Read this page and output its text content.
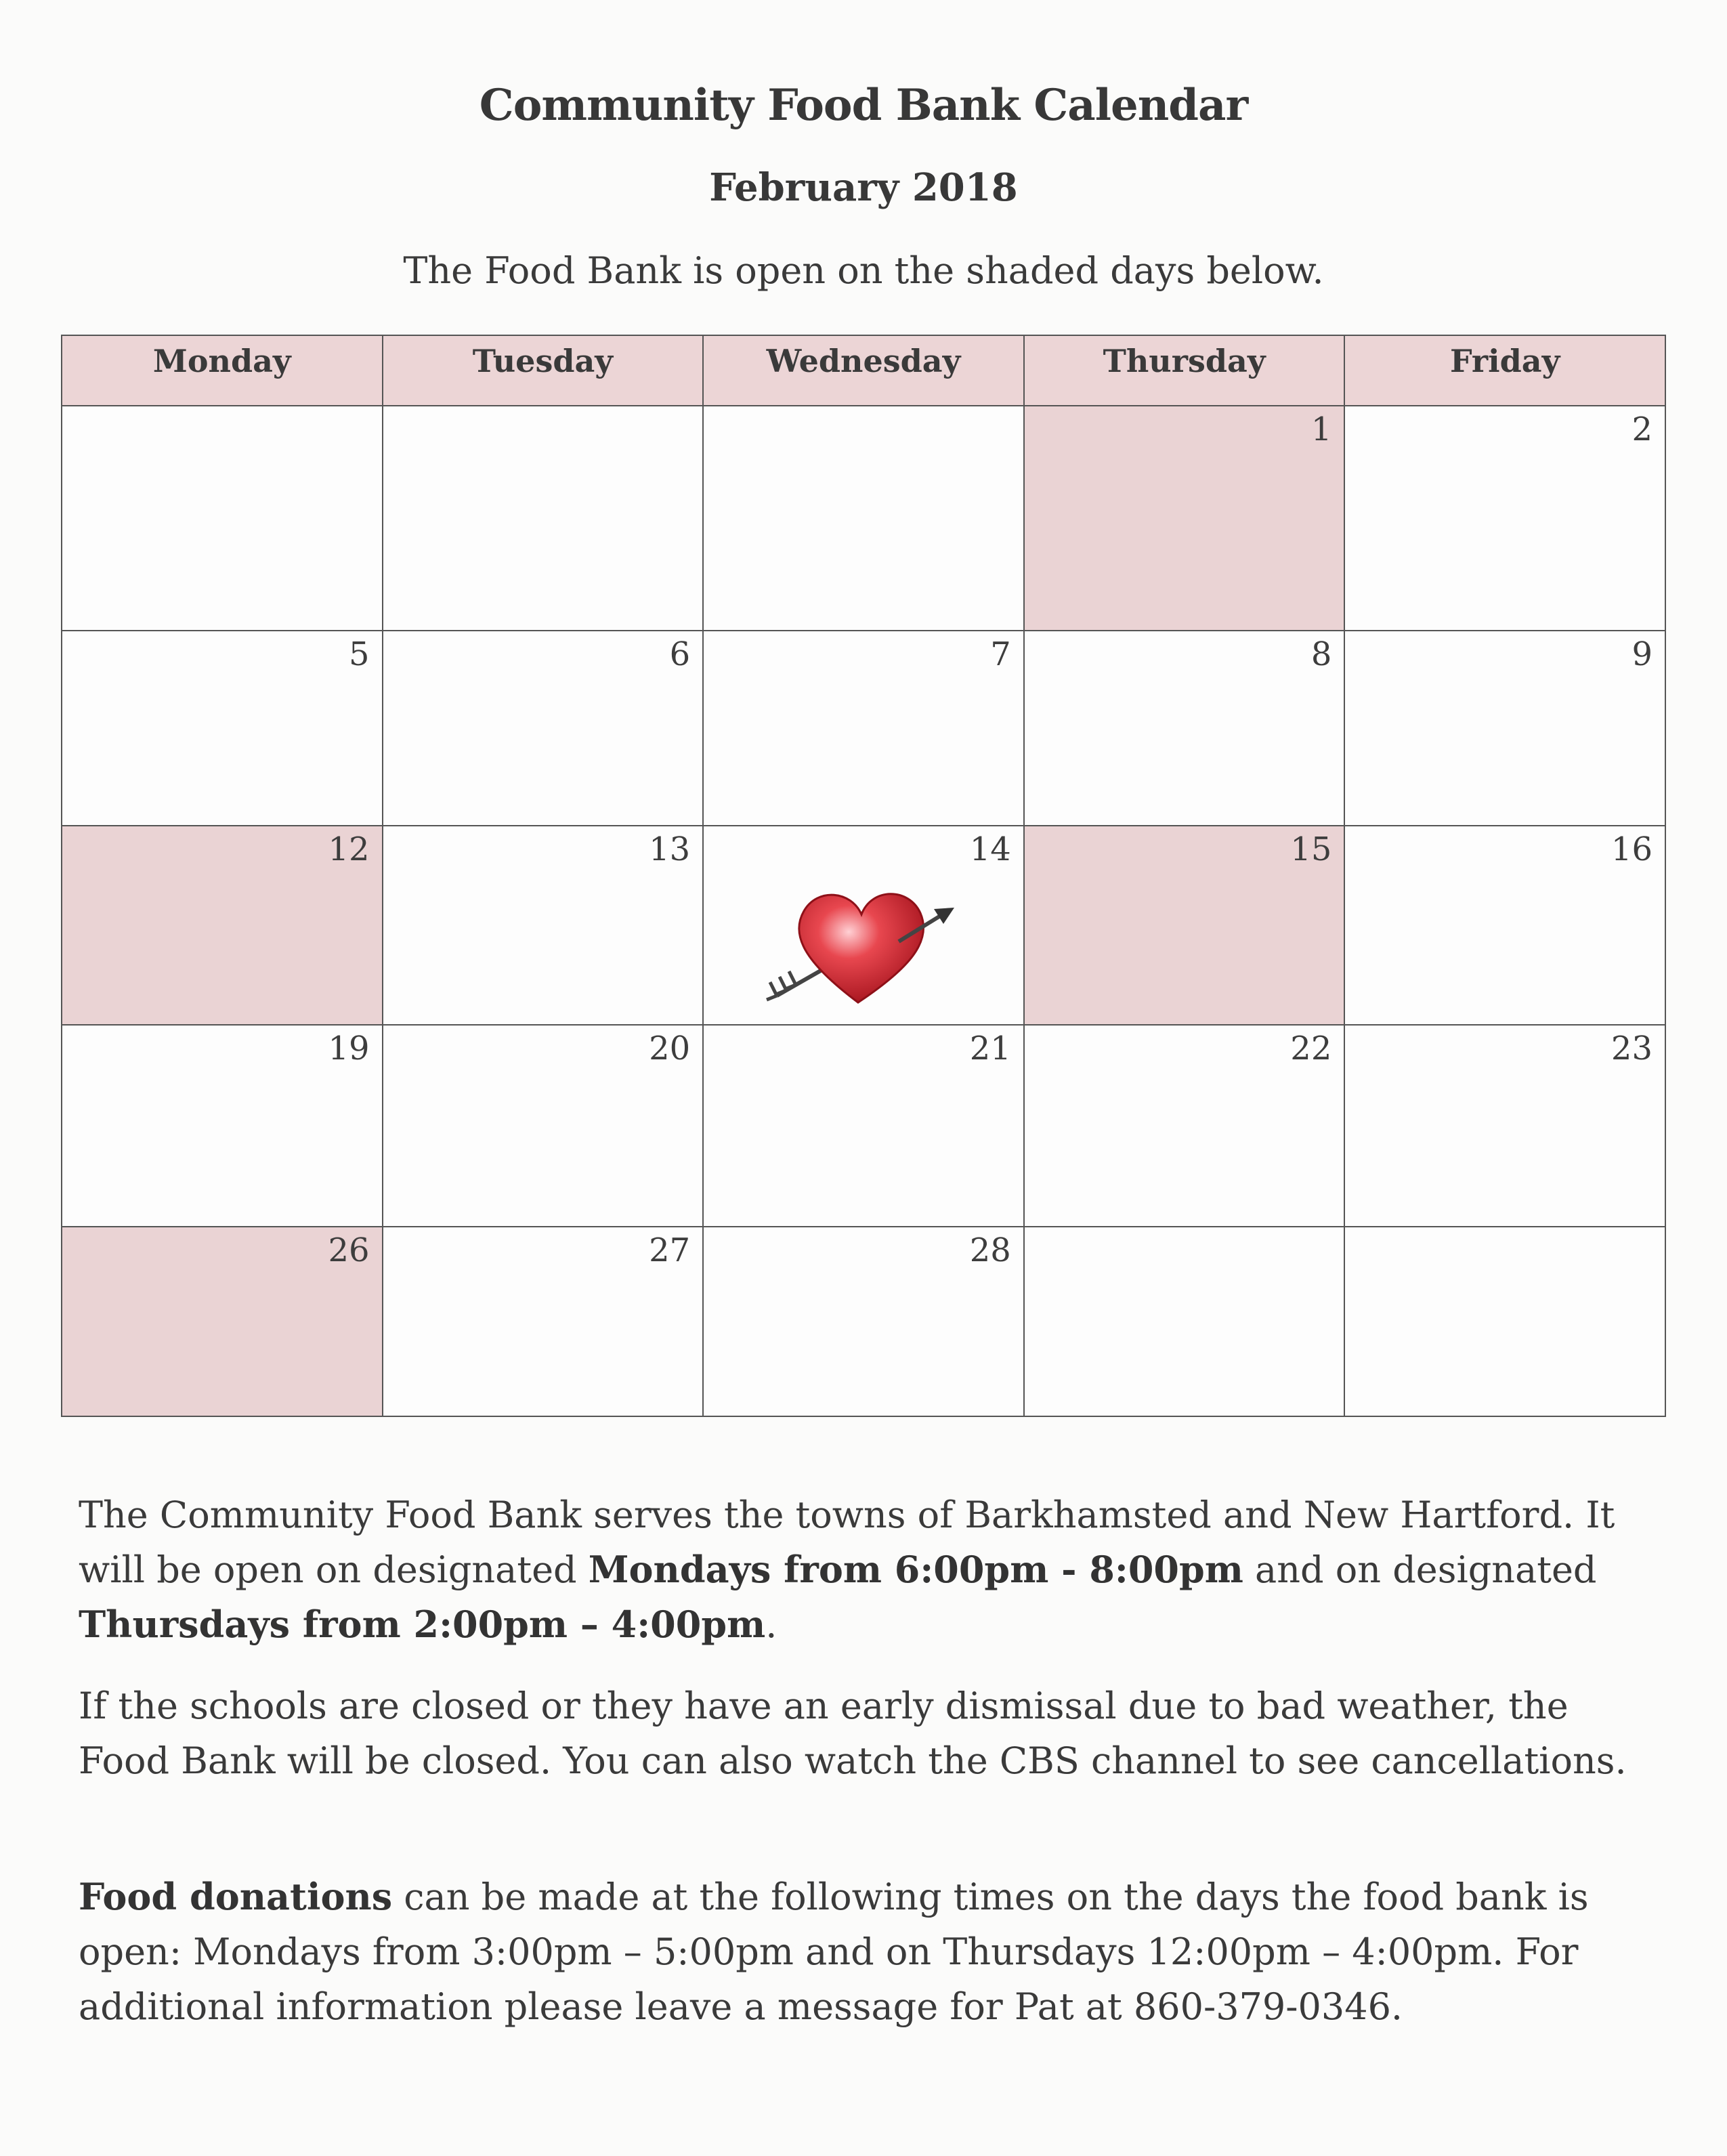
Community Food Bank Calendar
February 2018
The Food Bank is open on the shaded days below.
Monday	Tuesday	Wednesday	Thursday	Friday

			1	2

5	6	7	8	9

12	13	14	15	16

19	20	21	22	23

26	27	28		

The Community Food Bank serves the towns of Barkhamsted and New Hartford. It will be open on designated Mondays from 6:00pm - 8:00pm and on designated Thursdays from 2:00pm – 4:00pm.

If the schools are closed or they have an early dismissal due to bad weather, the Food Bank will be closed. You can also watch the CBS channel to see cancellations.

Food donations can be made at the following times on the days the food bank is open: Mondays from 3:00pm – 5:00pm and on Thursdays 12:00pm – 4:00pm. For additional information please leave a message for Pat at 860-379-0346.
